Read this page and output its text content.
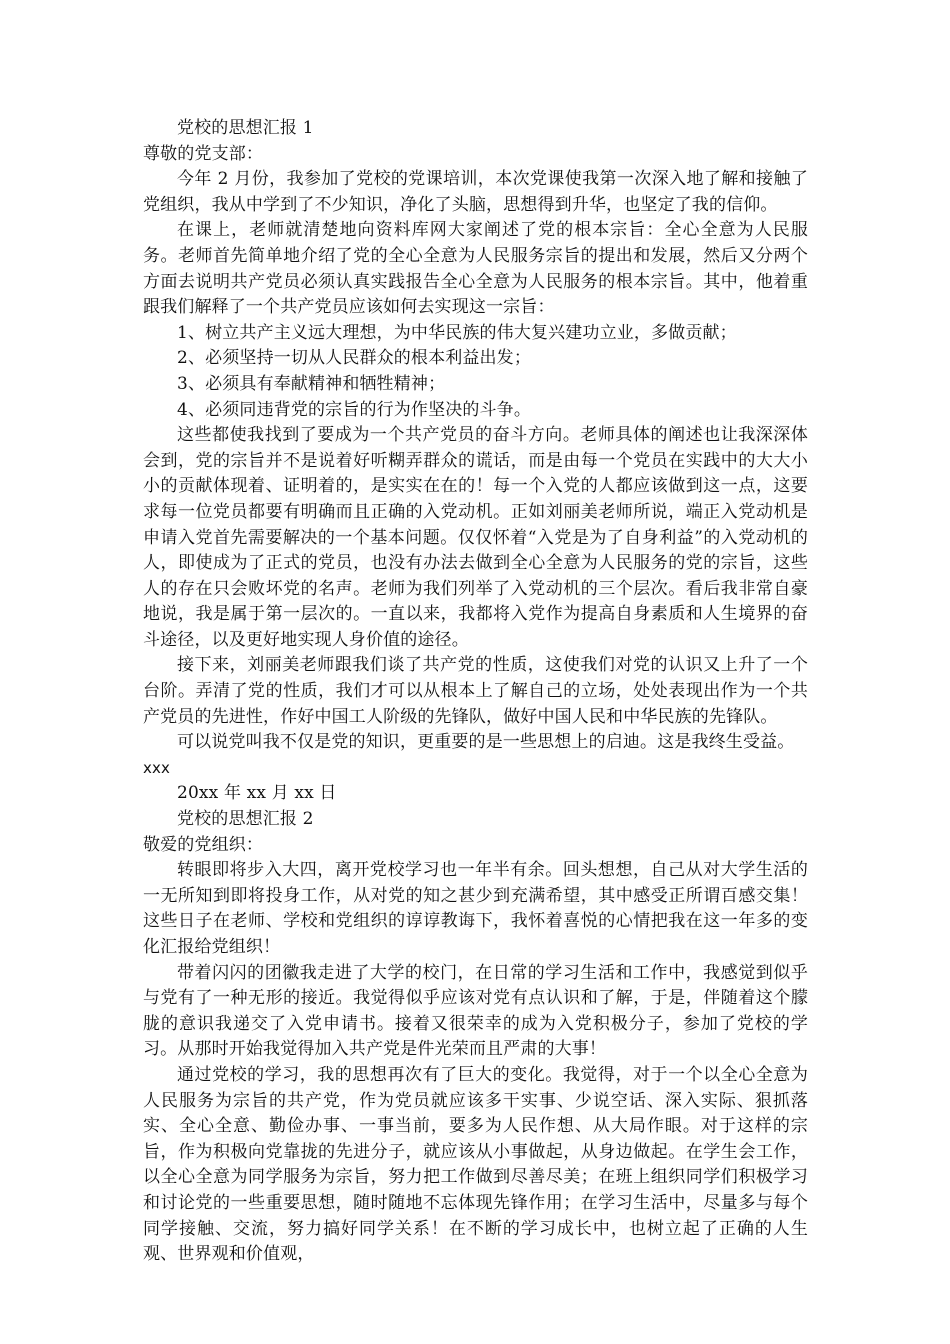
党校的思想汇报 1

尊敬的党支部：

今年 2 月份，我参加了党校的党课培训，本次党课使我第一次深入地了解和接触了党组织，我从中学到了不少知识，净化了头脑，思想得到升华，也坚定了我的信仰。

在课上，老师就清楚地向资料库网大家阐述了党的根本宗旨：全心全意为人民服务。老师首先简单地介绍了党的全心全意为人民服务宗旨的提出和发展，然后又分两个方面去说明共产党员必须认真实践报告全心全意为人民服务的根本宗旨。其中，他着重跟我们解释了一个共产党员应该如何去实现这一宗旨：

1、树立共产主义远大理想，为中华民族的伟大复兴建功立业，多做贡献；

2、必须坚持一切从人民群众的根本利益出发；

3、必须具有奉献精神和牺牲精神；

4、必须同违背党的宗旨的行为作坚决的斗争。

这些都使我找到了要成为一个共产党员的奋斗方向。老师具体的阐述也让我深深体会到，党的宗旨并不是说着好听糊弄群众的谎话，而是由每一个党员在实践中的大大小小的贡献体现着、证明着的，是实实在在的！每一个入党的人都应该做到这一点，这要求每一位党员都要有明确而且正确的入党动机。正如刘丽美老师所说，端正入党动机是申请入党首先需要解决的一个基本问题。仅仅怀着“入党是为了自身利益”的入党动机的人，即使成为了正式的党员，也没有办法去做到全心全意为人民服务的党的宗旨，这些人的存在只会败坏党的名声。老师为我们列举了入党动机的三个层次。看后我非常自豪地说，我是属于第一层次的。一直以来，我都将入党作为提高自身素质和人生境界的奋斗途径，以及更好地实现人身价值的途径。

接下来，刘丽美老师跟我们谈了共产党的性质，这使我们对党的认识又上升了一个台阶。弄清了党的性质，我们才可以从根本上了解自己的立场，处处表现出作为一个共产党员的先进性，作好中国工人阶级的先锋队，做好中国人民和中华民族的先锋队。

可以说党叫我不仅是党的知识，更重要的是一些思想上的启迪。这是我终生受益。

xxx

20xx 年 xx 月 xx 日

党校的思想汇报 2

敬爱的党组织：

转眼即将步入大四，离开党校学习也一年半有余。回头想想，自己从对大学生活的一无所知到即将投身工作，从对党的知之甚少到充满希望，其中感受正所谓百感交集！这些日子在老师、学校和党组织的谆谆教诲下，我怀着喜悦的心情把我在这一年多的变化汇报给党组织！

带着闪闪的团徽我走进了大学的校门，在日常的学习生活和工作中，我感觉到似乎与党有了一种无形的接近。我觉得似乎应该对党有点认识和了解，于是，伴随着这个朦胧的意识我递交了入党申请书。接着又很荣幸的成为入党积极分子，参加了党校的学习。从那时开始我觉得加入共产党是件光荣而且严肃的大事！

通过党校的学习，我的思想再次有了巨大的变化。我觉得，对于一个以全心全意为人民服务为宗旨的共产党，作为党员就应该多干实事、少说空话、深入实际、狠抓落实、全心全意、勤俭办事、一事当前，要多为人民作想、从大局作眼。对于这样的宗旨，作为积极向党靠拢的先进分子，就应该从小事做起，从身边做起。在学生会工作，以全心全意为同学服务为宗旨，努力把工作做到尽善尽美；在班上组织同学们积极学习和讨论党的一些重要思想，随时随地不忘体现先锋作用；在学习生活中，尽量多与每个同学接触、交流，努力搞好同学关系！在不断的学习成长中，也树立起了正确的人生观、世界观和价值观，
